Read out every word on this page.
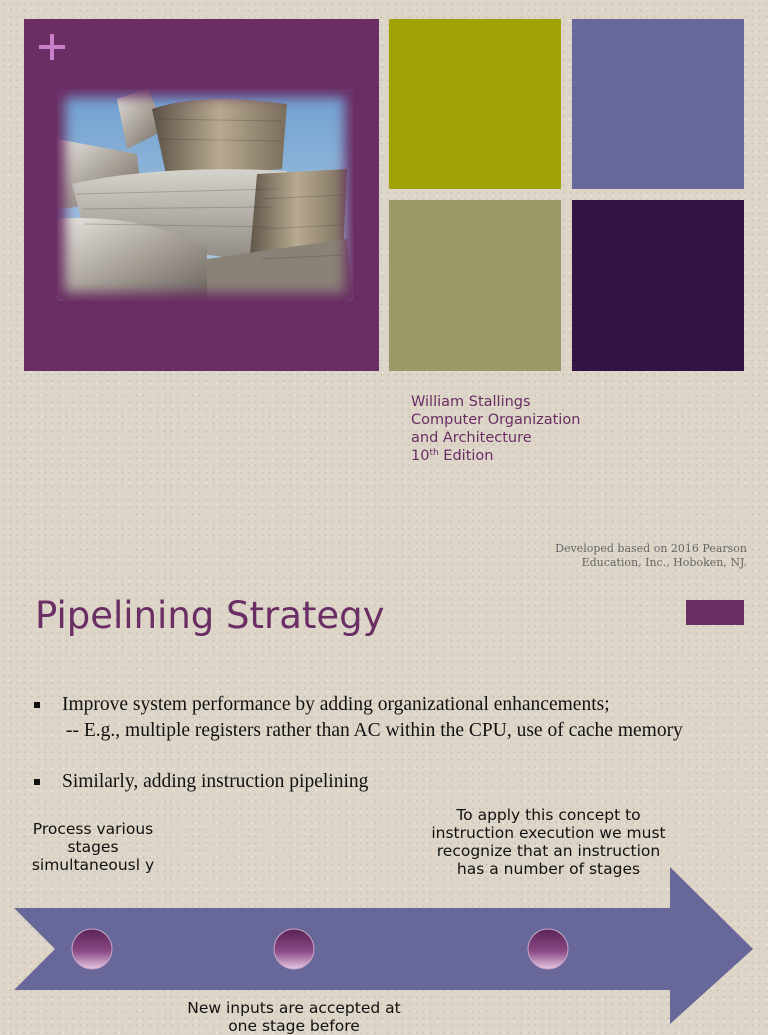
William Stallings
Computer Organization
and Architecture
10th Edition
Developed based on 2016 Pearson
Education, Inc., Hoboken, NJ.
Pipelining Strategy
Improve system performance by adding organizational enhancements;
-- E.g., multiple registers rather than AC within the CPU, use of cache memory
Similarly, adding instruction pipelining
Process various stages simultaneousl y
To apply this concept to instruction execution we must recognize that an instruction has a number of stages
New inputs are accepted at one stage before
